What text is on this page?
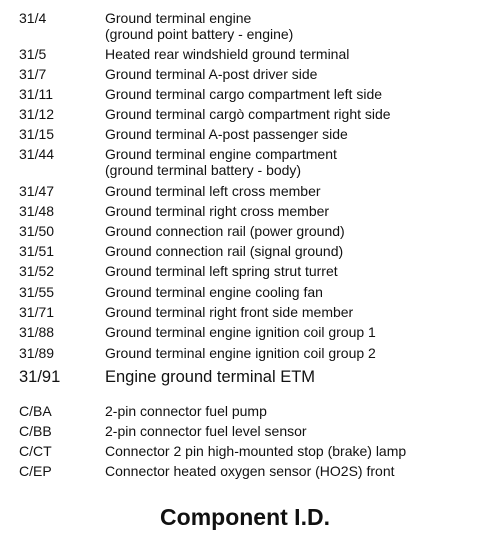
31/4	Ground terminal engine
(ground point battery - engine)
31/5	Heated rear windshield ground terminal
31/7	Ground terminal A-post driver side
31/11	Ground terminal cargo compartment left side
31/12	Ground terminal cargò compartment right side
31/15	Ground terminal A-post passenger side
31/44	Ground terminal engine compartment
(ground terminal battery - body)
31/47	Ground terminal left cross member
31/48	Ground terminal right cross member
31/50	Ground connection rail (power ground)
31/51	Ground connection rail (signal ground)
31/52	Ground terminal left spring strut turret
31/55	Ground terminal engine cooling fan
31/71	Ground terminal right front side member
31/88	Ground terminal engine ignition coil group 1
31/89	Ground terminal engine ignition coil group 2
31/91	Engine ground terminal ETM
C/BA	2-pin connector fuel pump
C/BB	2-pin connector fuel level sensor
C/CT	Connector 2 pin high-mounted stop (brake) lamp
C/EP	Connector heated oxygen sensor (HO2S) front
Component I.D.
